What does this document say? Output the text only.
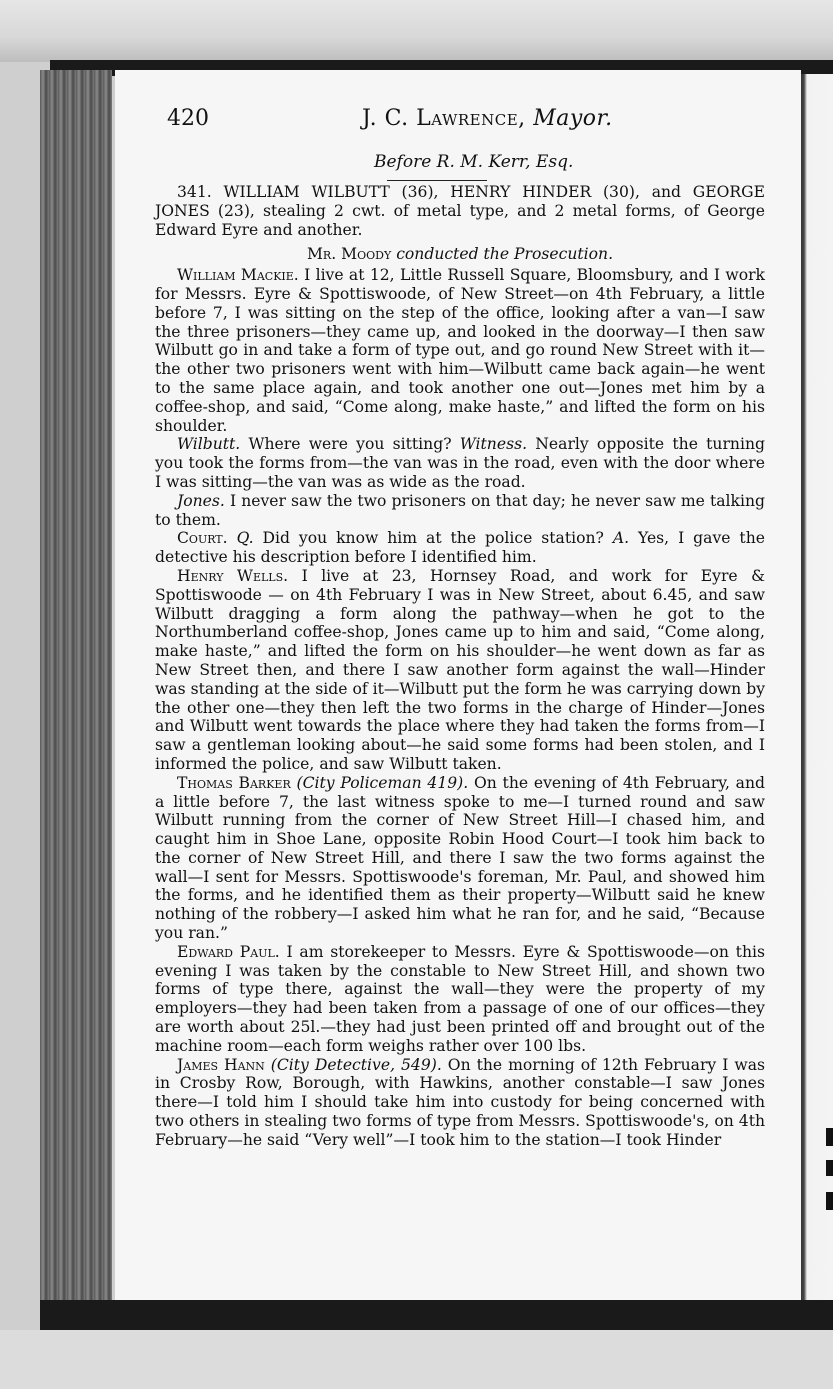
420	J. C. Lawrence, Mayor.
Before R. M. Kerr, Esq.

341. WILLIAM WILBUTT (36), HENRY HINDER (30), and GEORGE JONES (23), stealing 2 cwt. of metal type, and 2 metal forms, of George Edward Eyre and another.

Mr. Moody conducted the Prosecution.

William Mackie. I live at 12, Little Russell Square, Bloomsbury, and I work for Messrs. Eyre & Spottiswoode, of New Street—on 4th February, a little before 7, I was sitting on the step of the office, looking after a van—I saw the three prisoners—they came up, and looked in the doorway—I then saw Wilbutt go in and take a form of type out, and go round New Street with it—the other two prisoners went with him—Wilbutt came back again—he went to the same place again, and took another one out—Jones met him by a coffee-shop, and said, “Come along, make haste,” and lifted the form on his shoulder.

Wilbutt. Where were you sitting? Witness. Nearly opposite the turning you took the forms from—the van was in the road, even with the door where I was sitting—the van was as wide as the road.

Jones. I never saw the two prisoners on that day; he never saw me talking to them.

Court. Q. Did you know him at the police station? A. Yes, I gave the detective his description before I identified him.

Henry Wells. I live at 23, Hornsey Road, and work for Eyre & Spottiswoode — on 4th February I was in New Street, about 6.45, and saw Wilbutt dragging a form along the pathway—when he got to the Northumberland coffee-shop, Jones came up to him and said, “Come along, make haste,” and lifted the form on his shoulder—he went down as far as New Street then, and there I saw another form against the wall—Hinder was standing at the side of it—Wilbutt put the form he was carrying down by the other one—they then left the two forms in the charge of Hinder—Jones and Wilbutt went towards the place where they had taken the forms from—I saw a gentleman looking about—he said some forms had been stolen, and I informed the police, and saw Wilbutt taken.

Thomas Barker (City Policeman 419). On the evening of 4th February, and a little before 7, the last witness spoke to me—I turned round and saw Wilbutt running from the corner of New Street Hill—I chased him, and caught him in Shoe Lane, opposite Robin Hood Court—I took him back to the corner of New Street Hill, and there I saw the two forms against the wall—I sent for Messrs. Spottiswoode's foreman, Mr. Paul, and showed him the forms, and he identified them as their property—Wilbutt said he knew nothing of the robbery—I asked him what he ran for, and he said, “Because you ran.”

Edward Paul. I am storekeeper to Messrs. Eyre & Spottiswoode—on this evening I was taken by the constable to New Street Hill, and shown two forms of type there, against the wall—they were the property of my employers—they had been taken from a passage of one of our offices—they are worth about 25l.—they had just been printed off and brought out of the machine room—each form weighs rather over 100 lbs.

James Hann (City Detective, 549). On the morning of 12th February I was in Crosby Row, Borough, with Hawkins, another constable—I saw Jones there—I told him I should take him into custody for being concerned with two others in stealing two forms of type from Messrs. Spottiswoode's, on 4th February—he said “Very well”—I took him to the station—I took Hinder
